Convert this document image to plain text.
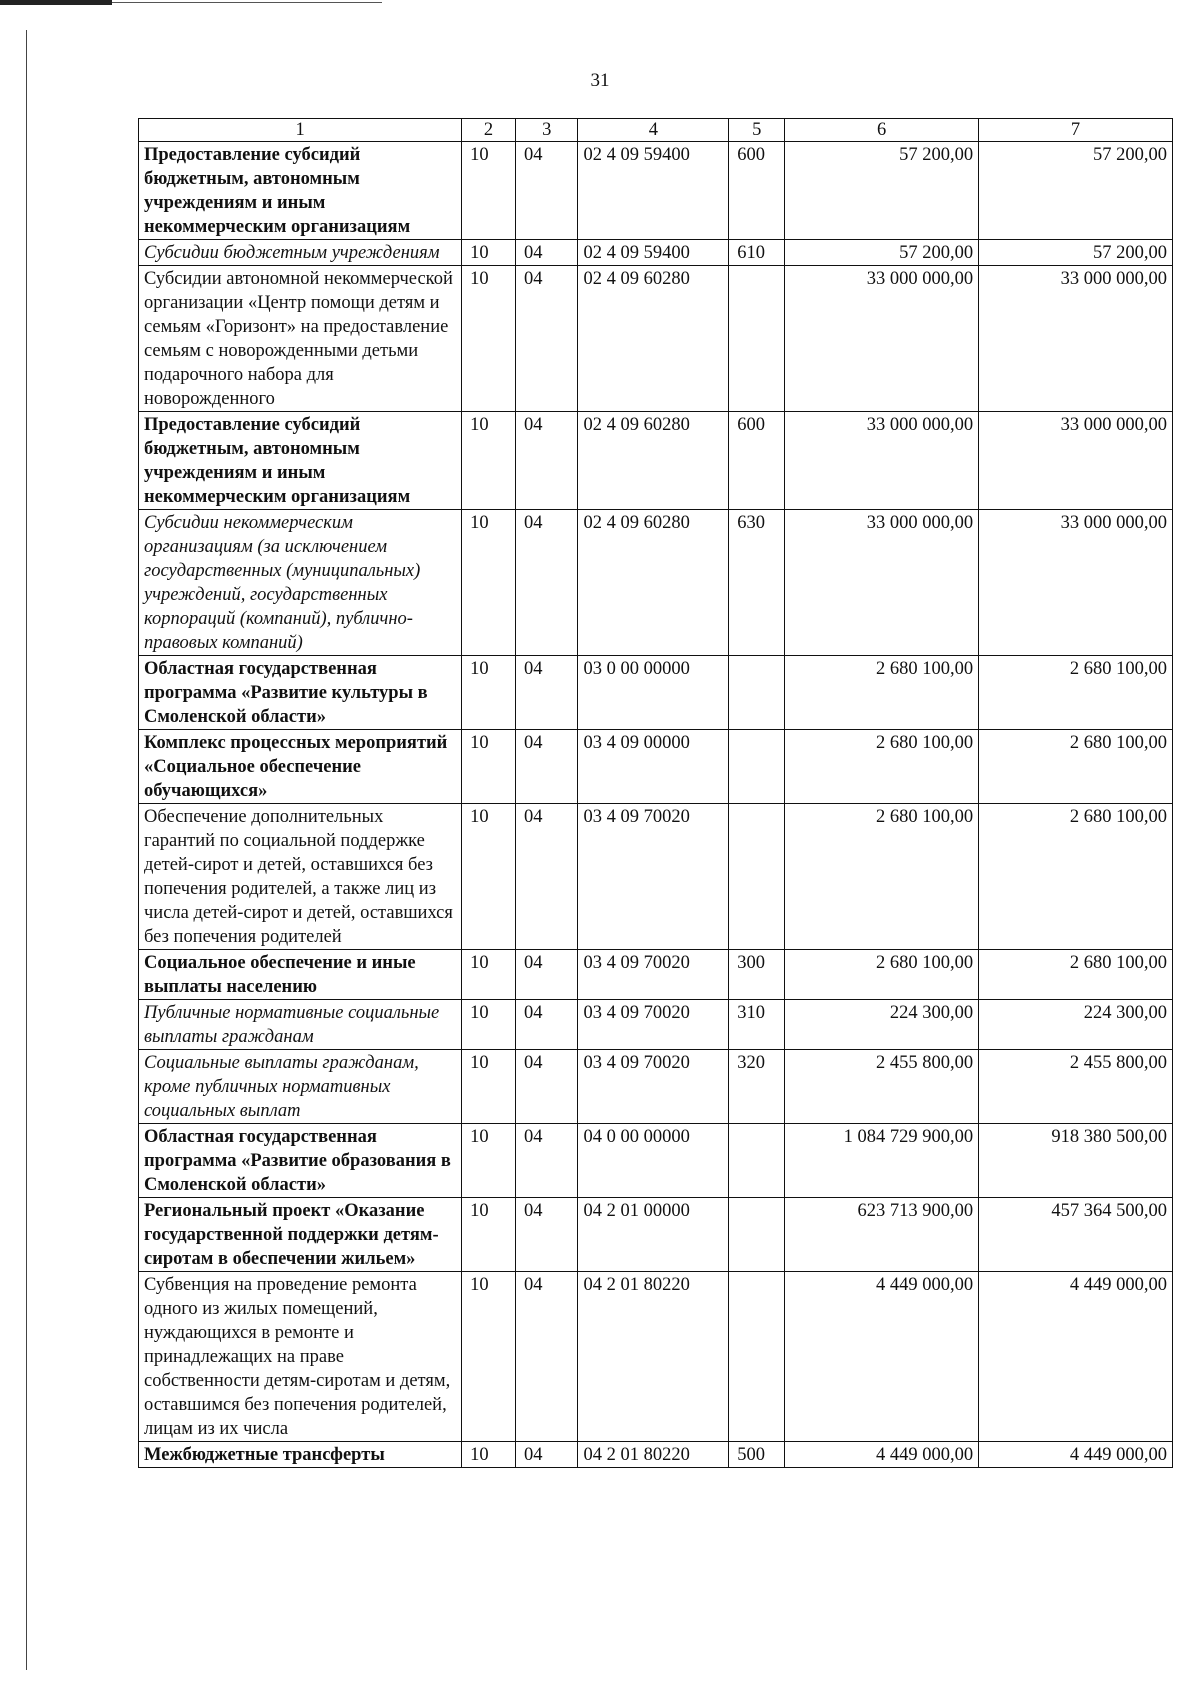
31
1	2	3	4	5	6	7
Предоставление субсидий бюджетным, автономным учреждениям и иным некоммерческим организациям	10	04	02 4 09 59400	600	57 200,00	57 200,00
Субсидии бюджетным учреждениям	10	04	02 4 09 59400	610	57 200,00	57 200,00
Субсидии автономной некоммерческой организации «Центр помощи детям и семьям «Горизонт» на предоставление семьям с новорожденными детьми подарочного набора для новорожденного	10	04	02 4 09 60280		33 000 000,00	33 000 000,00
Предоставление субсидий бюджетным, автономным учреждениям и иным некоммерческим организациям	10	04	02 4 09 60280	600	33 000 000,00	33 000 000,00
Субсидии некоммерческим организациям (за исключением государственных (муниципальных) учреждений, государственных корпораций (компаний), публично-правовых компаний)	10	04	02 4 09 60280	630	33 000 000,00	33 000 000,00
Областная государственная программа «Развитие культуры в Смоленской области»	10	04	03 0 00 00000		2 680 100,00	2 680 100,00
Комплекс процессных мероприятий «Социальное обеспечение обучающихся»	10	04	03 4 09 00000		2 680 100,00	2 680 100,00
Обеспечение дополнительных гарантий по социальной поддержке детей-сирот и детей, оставшихся без попечения родителей, а также лиц из числа детей-сирот и детей, оставшихся без попечения родителей	10	04	03 4 09 70020		2 680 100,00	2 680 100,00
Социальное обеспечение и иные выплаты населению	10	04	03 4 09 70020	300	2 680 100,00	2 680 100,00
Публичные нормативные социальные выплаты гражданам	10	04	03 4 09 70020	310	224 300,00	224 300,00
Социальные выплаты гражданам, кроме публичных нормативных социальных выплат	10	04	03 4 09 70020	320	2 455 800,00	2 455 800,00
Областная государственная программа «Развитие образования в Смоленской области»	10	04	04 0 00 00000		1 084 729 900,00	918 380 500,00
Региональный проект «Оказание государственной поддержки детям-сиротам в обеспечении жильем»	10	04	04 2 01 00000		623 713 900,00	457 364 500,00
Субвенция на проведение ремонта одного из жилых помещений, нуждающихся в ремонте и принадлежащих на праве собственности детям-сиротам и детям, оставшимся без попечения родителей, лицам из их числа	10	04	04 2 01 80220		4 449 000,00	4 449 000,00
Межбюджетные трансферты	10	04	04 2 01 80220	500	4 449 000,00	4 449 000,00
